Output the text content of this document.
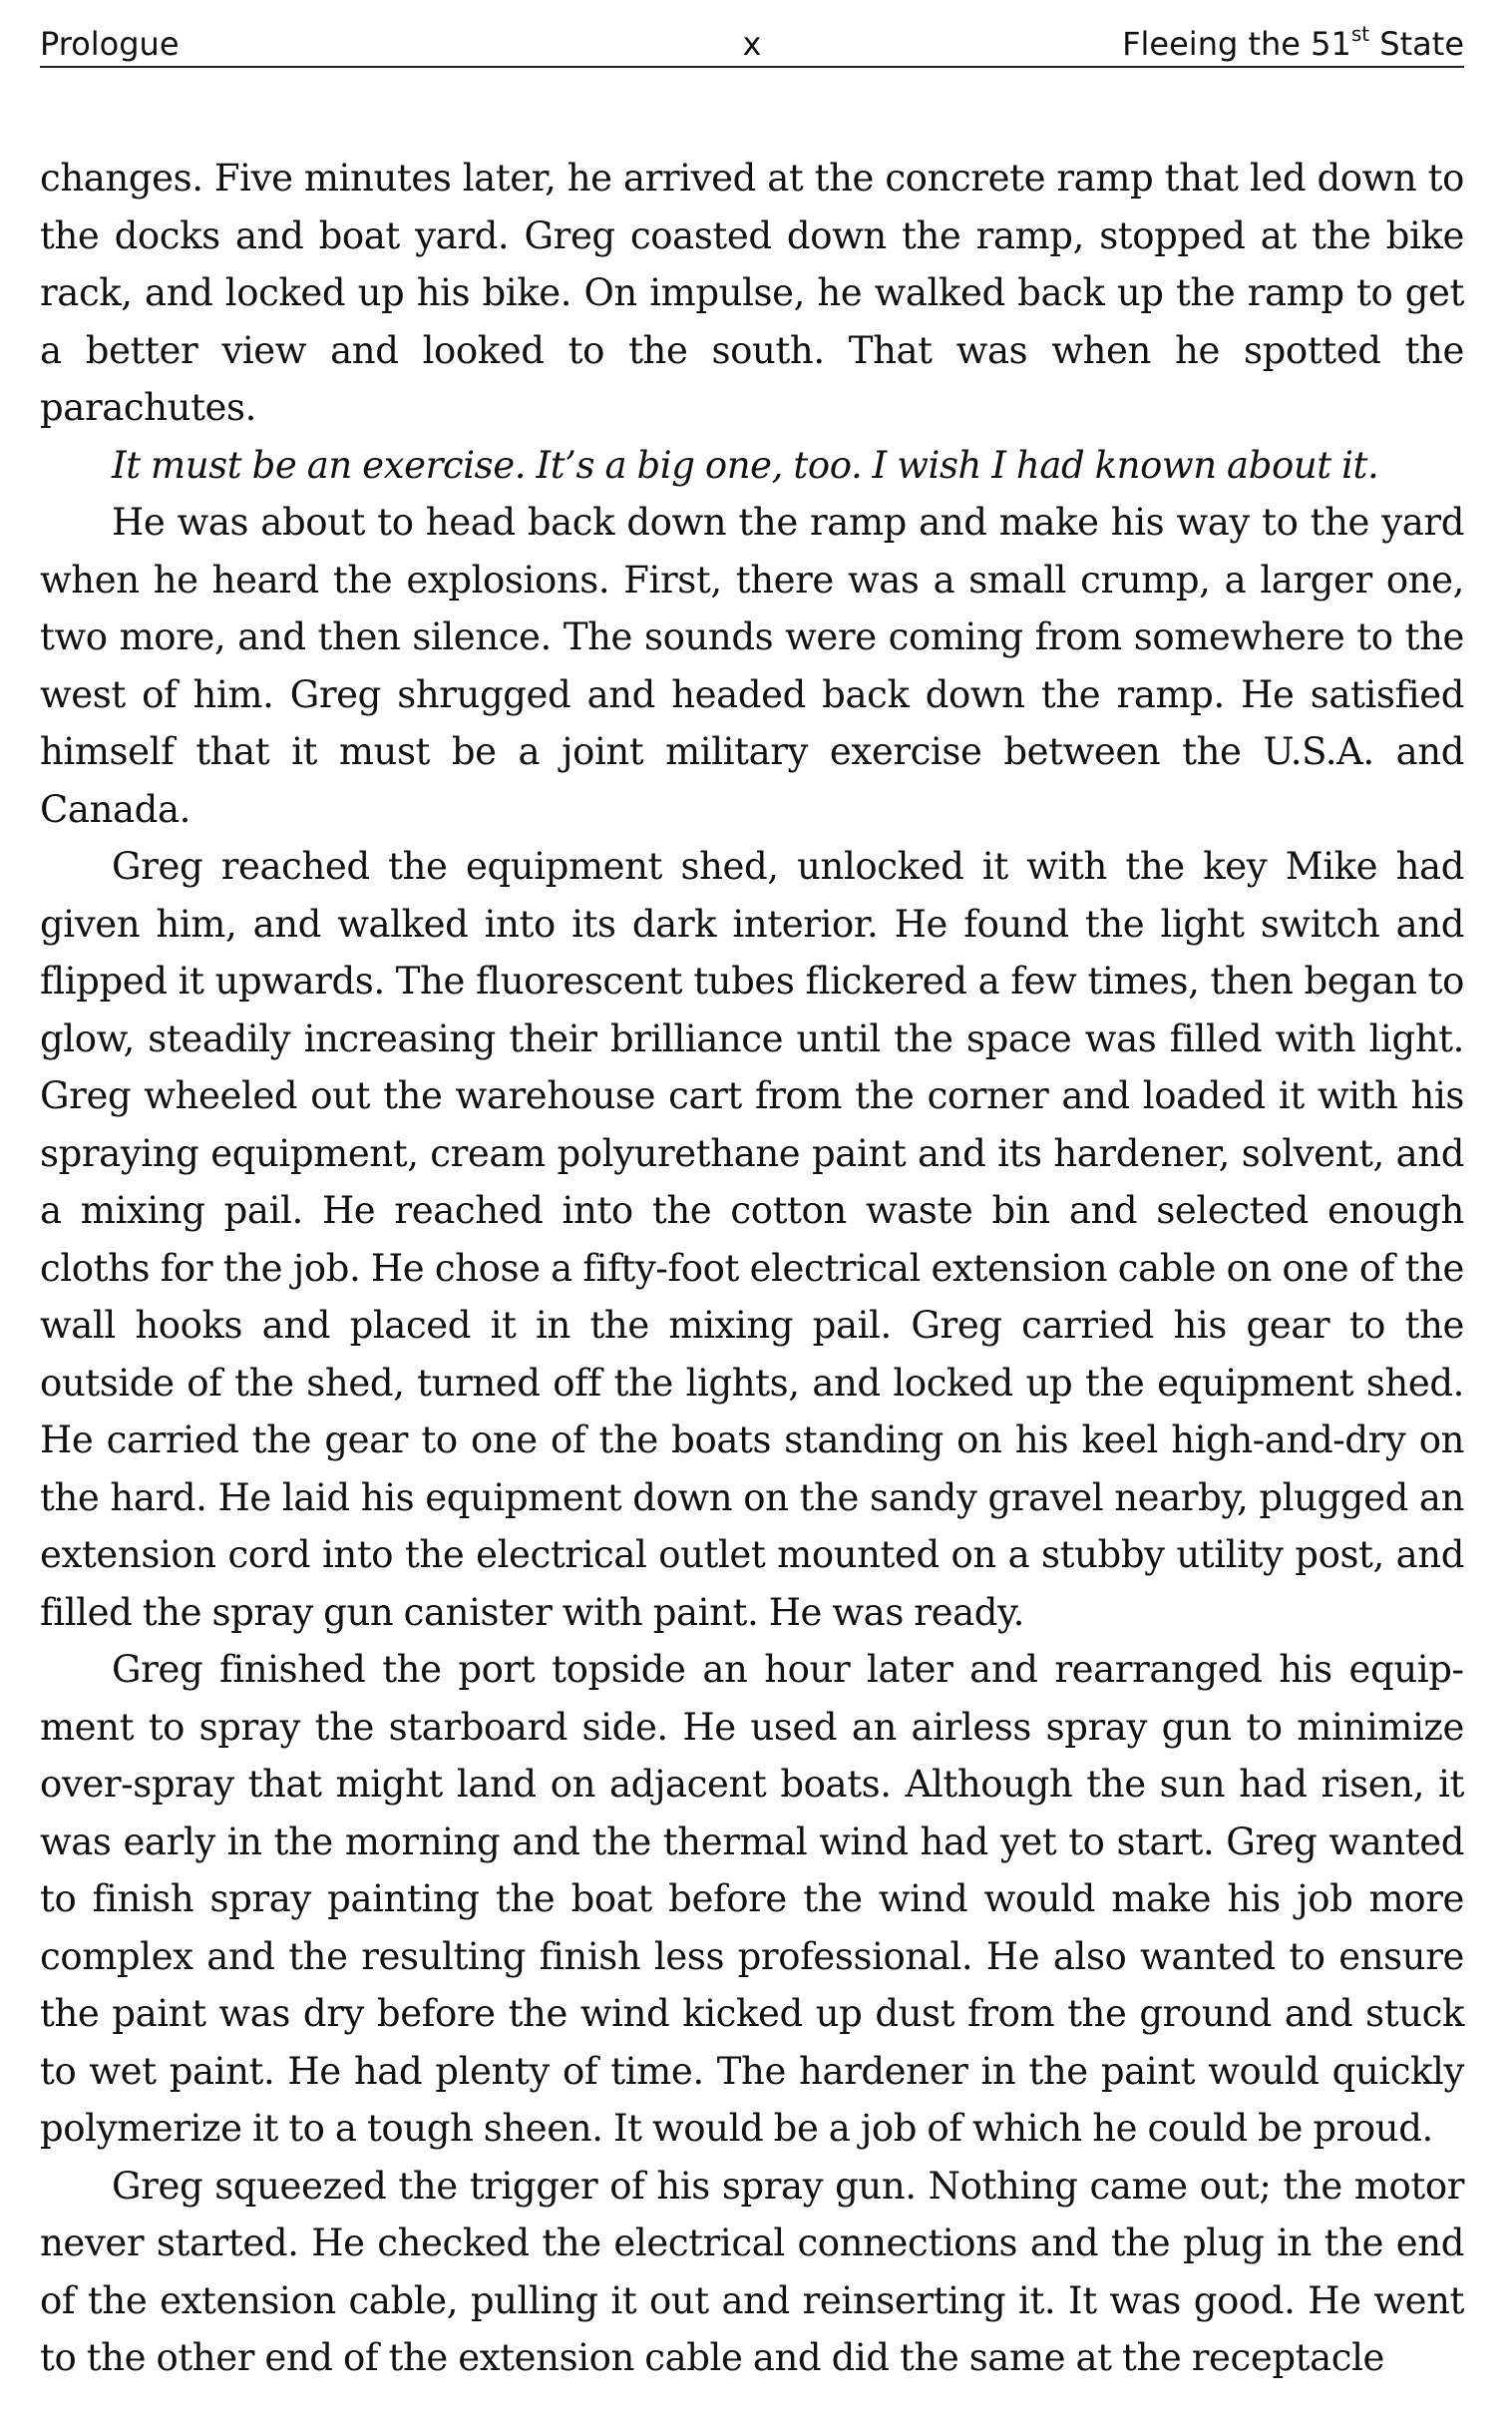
Prologue	x	Fleeing the 51st State

changes. Five minutes later, he arrived at the concrete ramp that led down to the docks and boat yard. Greg coasted down the ramp, stopped at the bike rack, and locked up his bike. On impulse, he walked back up the ramp to get a better view and looked to the south. That was when he spotted the parachutes.

It must be an exercise. It’s a big one, too. I wish I had known about it.

He was about to head back down the ramp and make his way to the yard when he heard the explosions. First, there was a small crump, a larger one, two more, and then silence. The sounds were coming from somewhere to the west of him. Greg shrugged and headed back down the ramp. He satisfied himself that it must be a joint military exercise between the U.S.A. and Canada.

Greg reached the equipment shed, unlocked it with the key Mike had given him, and walked into its dark interior. He found the light switch and flipped it upwards. The fluorescent tubes flickered a few times, then began to glow, steadily increasing their brilliance until the space was filled with light. Greg wheeled out the warehouse cart from the corner and loaded it with his spraying equipment, cream polyurethane paint and its hardener, solvent, and a mixing pail. He reached into the cotton waste bin and selected enough cloths for the job. He chose a fifty-foot electrical extension cable on one of the wall hooks and placed it in the mixing pail. Greg carried his gear to the outside of the shed, turned off the lights, and locked up the equipment shed. He carried the gear to one of the boats standing on his keel high-and-dry on the hard. He laid his equipment down on the sandy gravel nearby, plugged an extension cord into the electrical outlet mounted on a stubby utility post, and filled the spray gun canister with paint. He was ready.

Greg finished the port topside an hour later and rearranged his equipment to spray the starboard side. He used an airless spray gun to minimize over-spray that might land on adjacent boats. Although the sun had risen, it was early in the morning and the thermal wind had yet to start. Greg wanted to finish spray painting the boat before the wind would make his job more complex and the resulting finish less professional. He also wanted to ensure the paint was dry before the wind kicked up dust from the ground and stuck to wet paint. He had plenty of time. The hardener in the paint would quickly polymerize it to a tough sheen. It would be a job of which he could be proud.

Greg squeezed the trigger of his spray gun. Nothing came out; the motor never started. He checked the electrical connections and the plug in the end of the extension cable, pulling it out and reinserting it. It was good. He went to the other end of the extension cable and did the same at the receptacle
